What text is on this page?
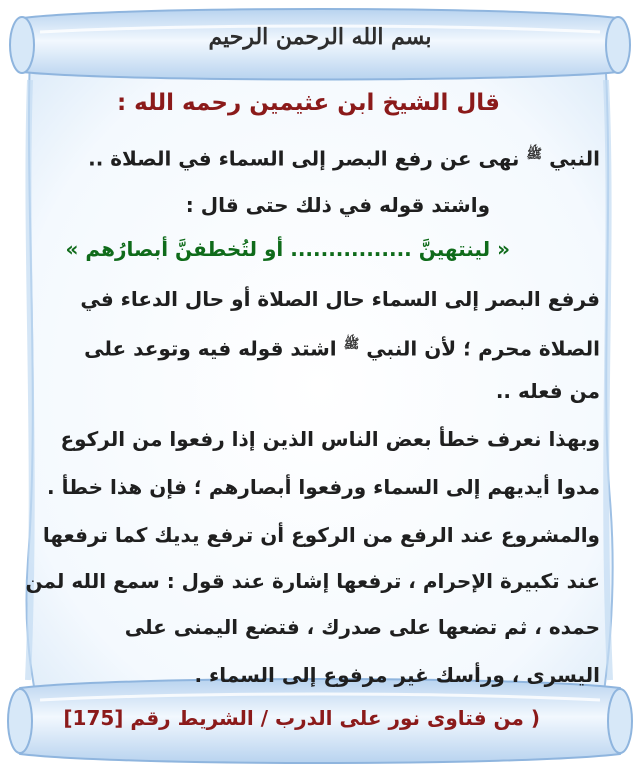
بسم الله الرحمن الرحيم
قال الشيخ ابن عثيمين رحمه الله :
النبي $^ﷺ$ نهى عن رفع البصر إلى السماء في الصلاة ..
واشتد قوله في ذلك حتى قال :
« لينتهينَّ ................ أو لتُخطفنَّ أبصارُهم »
فرفع البصر إلى السماء حال الصلاة أو حال الدعاء في
الصلاة محرم ؛ لأن النبي $^ﷺ$ اشتد قوله فيه وتوعد على
من فعله ..
وبهذا نعرف خطأ بعض الناس الذين إذا رفعوا من الركوع
مدوا أيديهم إلى السماء ورفعوا أبصارهم ؛ فإن هذا خطأ .
والمشروع عند الرفع من الركوع أن ترفع يديك كما ترفعها
عند تكبيرة الإحرام ، ترفعها إشارة عند قول : سمع الله لمن
حمده ، ثم تضعها على صدرك ، فتضع اليمنى على
اليسرى ، ورأسك غير مرفوع إلى السماء .
( من فتاوى نور على الدرب / الشريط رقم [175]
